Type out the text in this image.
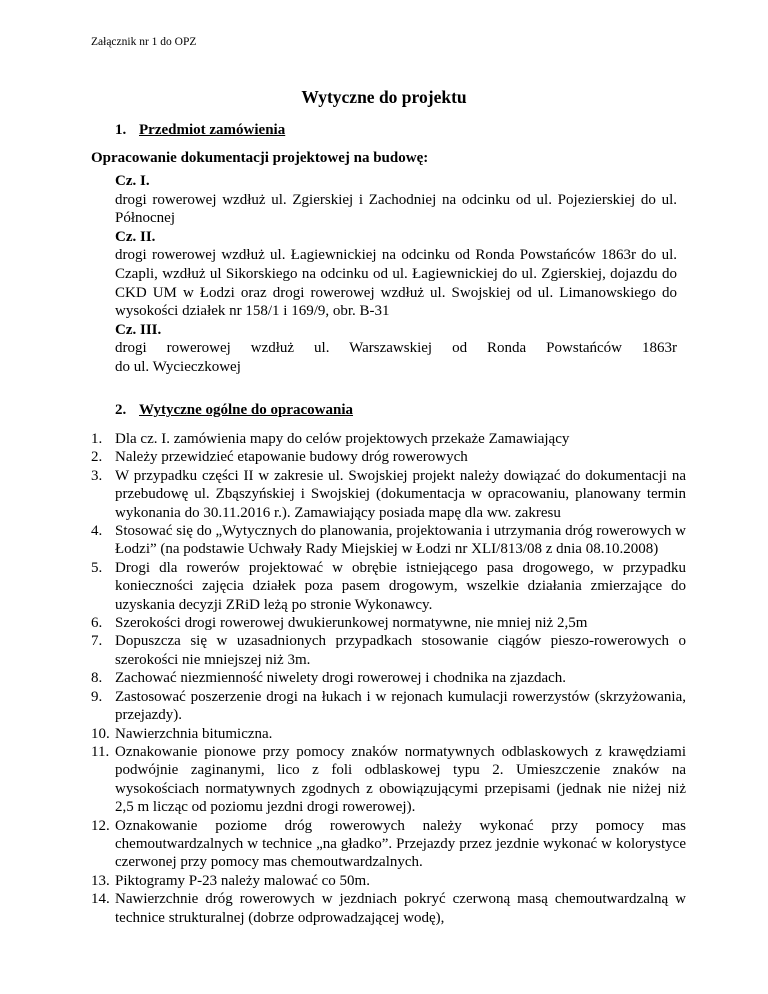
Załącznik nr 1 do OPZ
Wytyczne do projektu
1. Przedmiot zamówienia
Opracowanie dokumentacji projektowej na budowę:
Cz. I.
drogi rowerowej wzdłuż ul. Zgierskiej i Zachodniej na odcinku od ul. Pojezierskiej do ul. Północnej
Cz. II.
drogi rowerowej wzdłuż ul. Łagiewnickiej na odcinku od Ronda Powstańców 1863r do ul. Czapli, wzdłuż ul Sikorskiego na odcinku od ul. Łagiewnickiej do ul. Zgierskiej, dojazdu do CKD UM w Łodzi oraz drogi rowerowej wzdłuż ul. Swojskiej od ul. Limanowskiego do wysokości działek nr 158/1 i 169/9, obr. B-31
Cz. III.
drogi rowerowej wzdłuż ul. Warszawskiej od Ronda Powstańców 1863r
do ul. Wycieczkowej
2. Wytyczne ogólne do opracowania
1. Dla cz. I. zamówienia mapy do celów projektowych przekaże Zamawiający
2. Należy przewidzieć etapowanie budowy dróg rowerowych
3. W przypadku części II w zakresie ul. Swojskiej projekt należy dowiązać do dokumentacji na przebudowę ul. Zbąszyńskiej i Swojskiej (dokumentacja w opracowaniu, planowany termin wykonania do 30.11.2016 r.). Zamawiający posiada mapę dla ww. zakresu
4. Stosować się do „Wytycznych do planowania, projektowania i utrzymania dróg rowerowych w Łodzi” (na podstawie Uchwały Rady Miejskiej w Łodzi nr XLI/813/08 z dnia 08.10.2008)
5. Drogi dla rowerów projektować w obrębie istniejącego pasa drogowego, w przypadku konieczności zajęcia działek poza pasem drogowym, wszelkie działania zmierzające do uzyskania decyzji ZRiD leżą po stronie Wykonawcy.
6. Szerokości drogi rowerowej dwukierunkowej normatywne, nie mniej niż 2,5m
7. Dopuszcza się w uzasadnionych przypadkach stosowanie ciągów pieszo-rowerowych o szerokości nie mniejszej niż 3m.
8. Zachować niezmienność niwelety drogi rowerowej i chodnika na zjazdach.
9. Zastosować poszerzenie drogi na łukach i w rejonach kumulacji rowerzystów (skrzyżowania, przejazdy).
10. Nawierzchnia bitumiczna.
11. Oznakowanie pionowe przy pomocy znaków normatywnych odblaskowych z krawędziami podwójnie zaginanymi, lico z foli odblaskowej typu 2. Umieszczenie znaków na wysokościach normatywnych zgodnych z obowiązującymi przepisami (jednak nie niżej niż 2,5 m licząc od poziomu jezdni drogi rowerowej).
12. Oznakowanie poziome dróg rowerowych należy wykonać przy pomocy mas chemoutwardzalnych w technice „na gładko”. Przejazdy przez jezdnie wykonać w kolorystyce czerwonej przy pomocy mas chemoutwardzalnych.
13. Piktogramy P-23 należy malować co 50m.
14. Nawierzchnie dróg rowerowych w jezdniach pokryć czerwoną masą chemoutwardzalną w technice strukturalnej (dobrze odprowadzającej wodę),
